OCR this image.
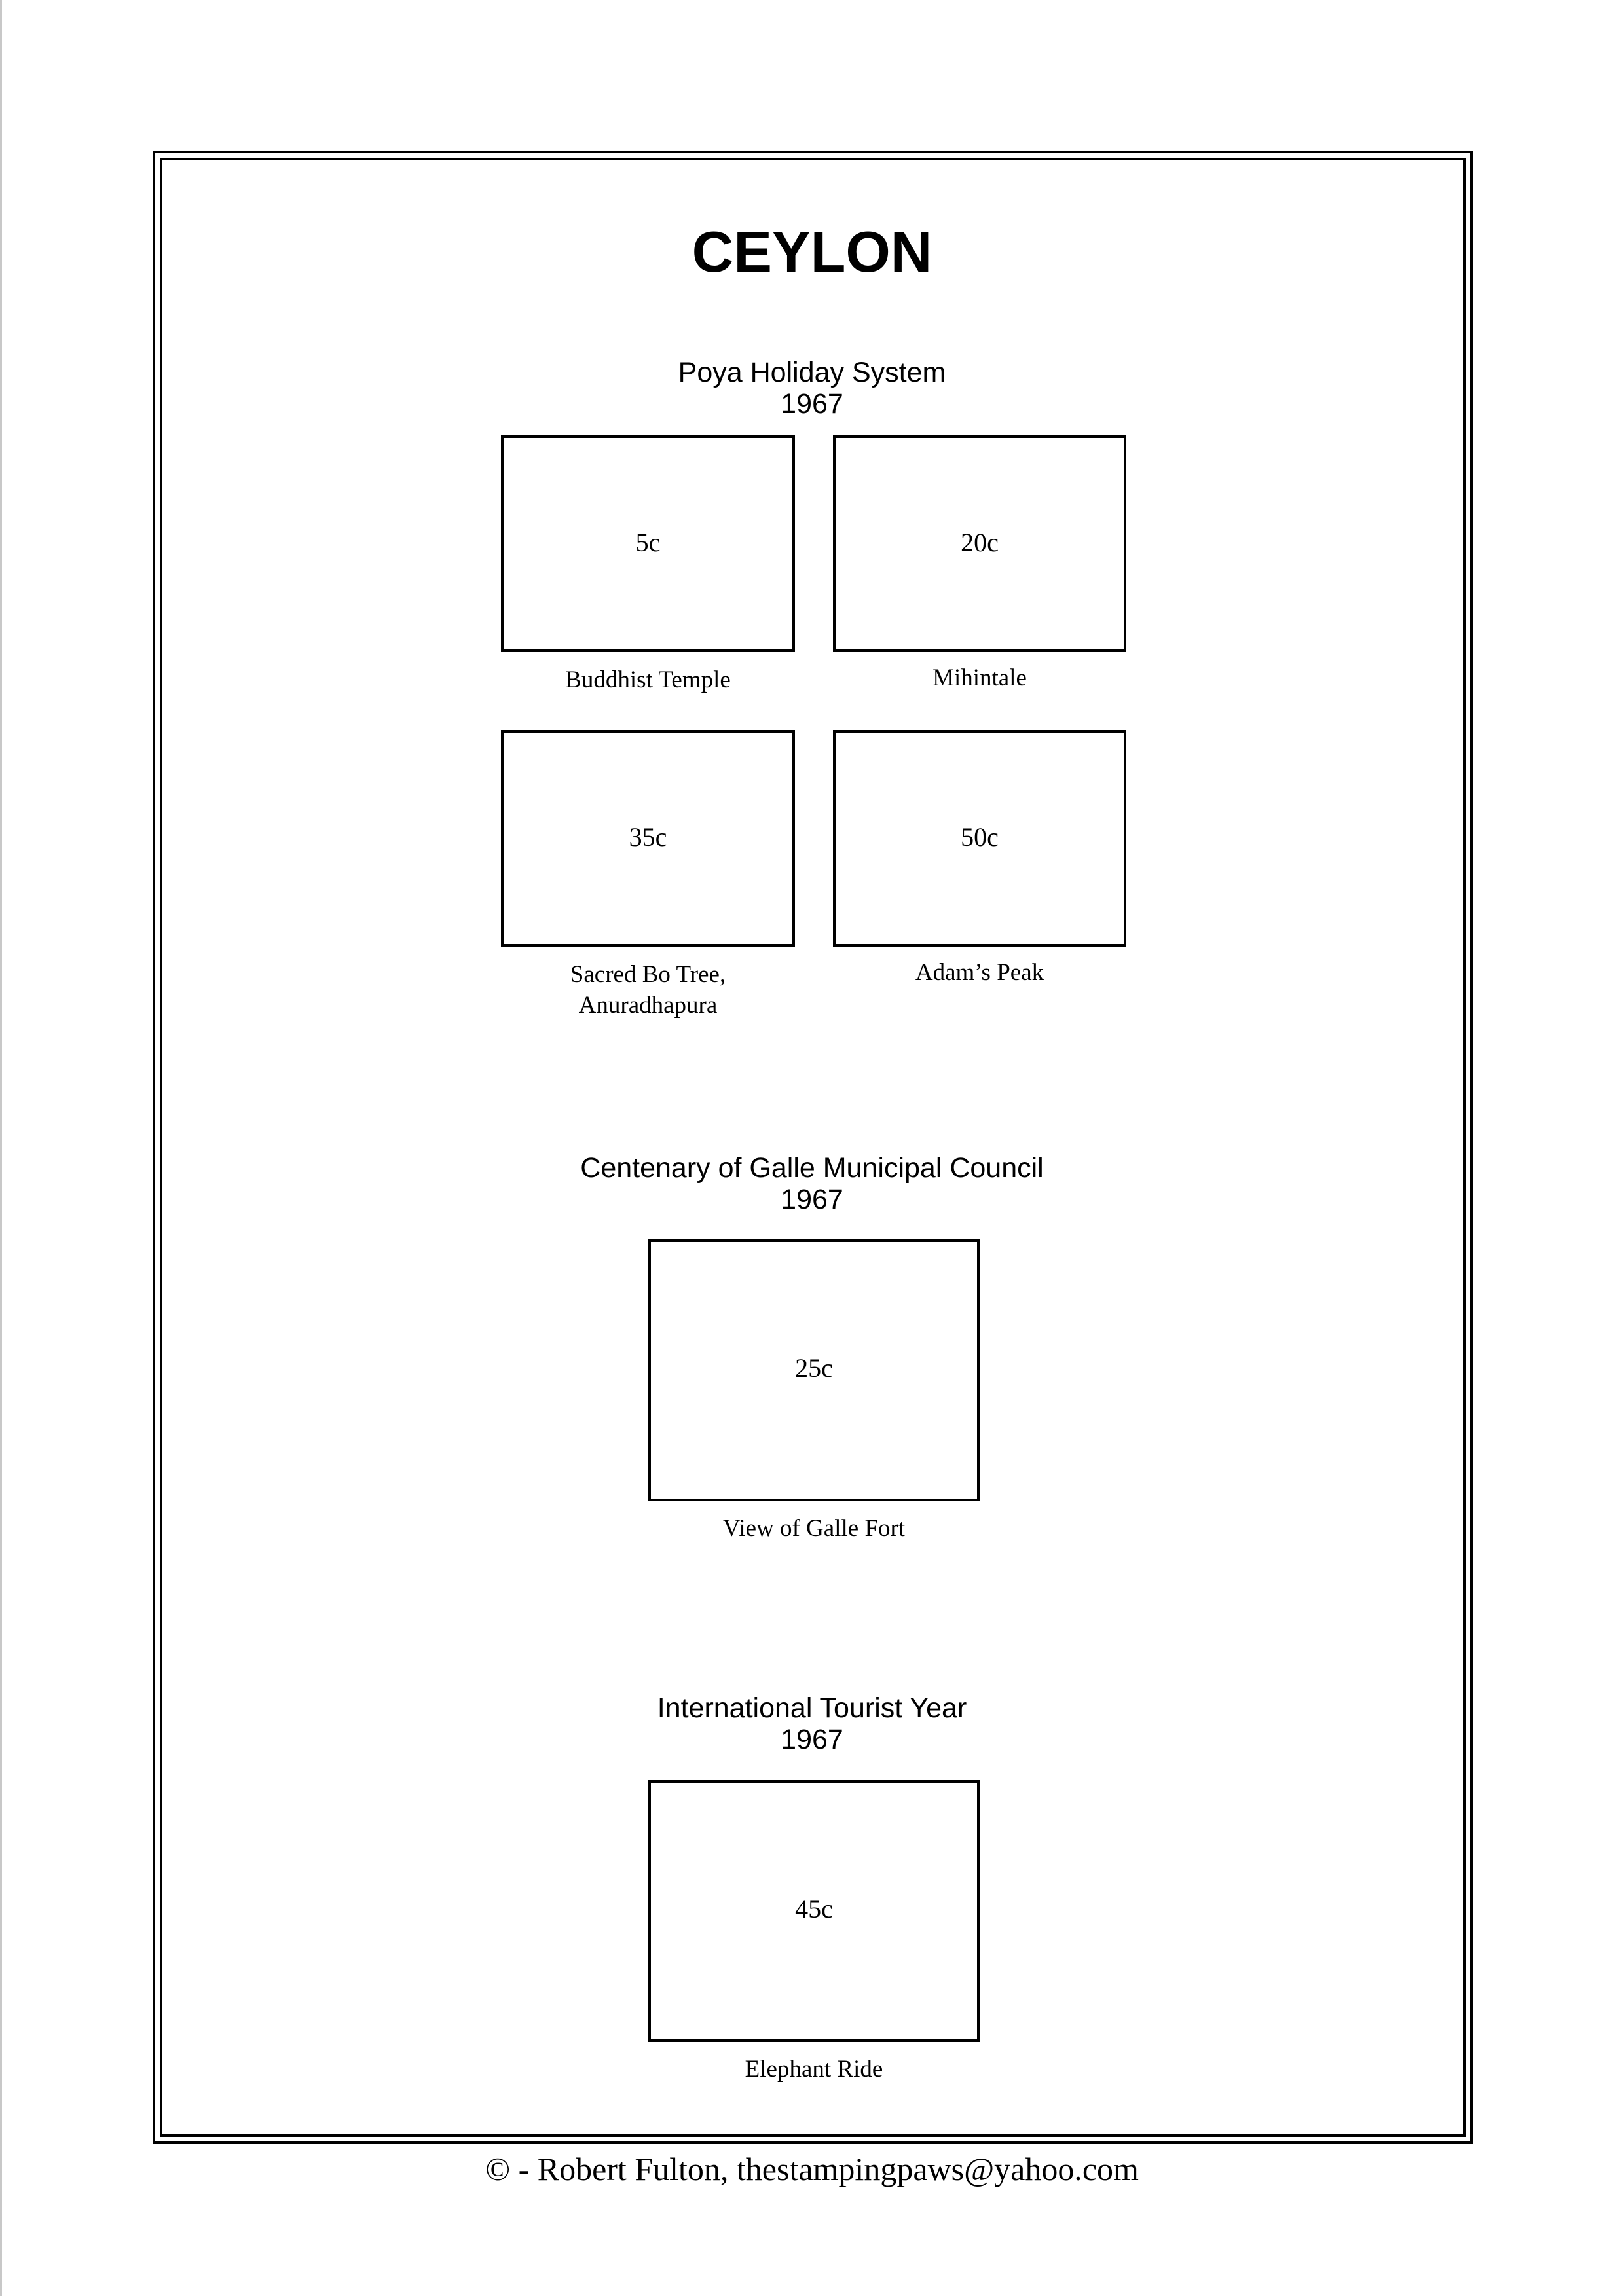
CEYLON
Poya Holiday System
1967
5c
Buddhist Temple
20c
Mihintale
35c
Sacred Bo Tree,
Anuradhapura
50c
Adam’s Peak
Centenary of Galle Municipal Council
1967
25c
View of Galle Fort
International Tourist Year
1967
45c
Elephant Ride
© - Robert Fulton, thestampingpaws@yahoo.com
